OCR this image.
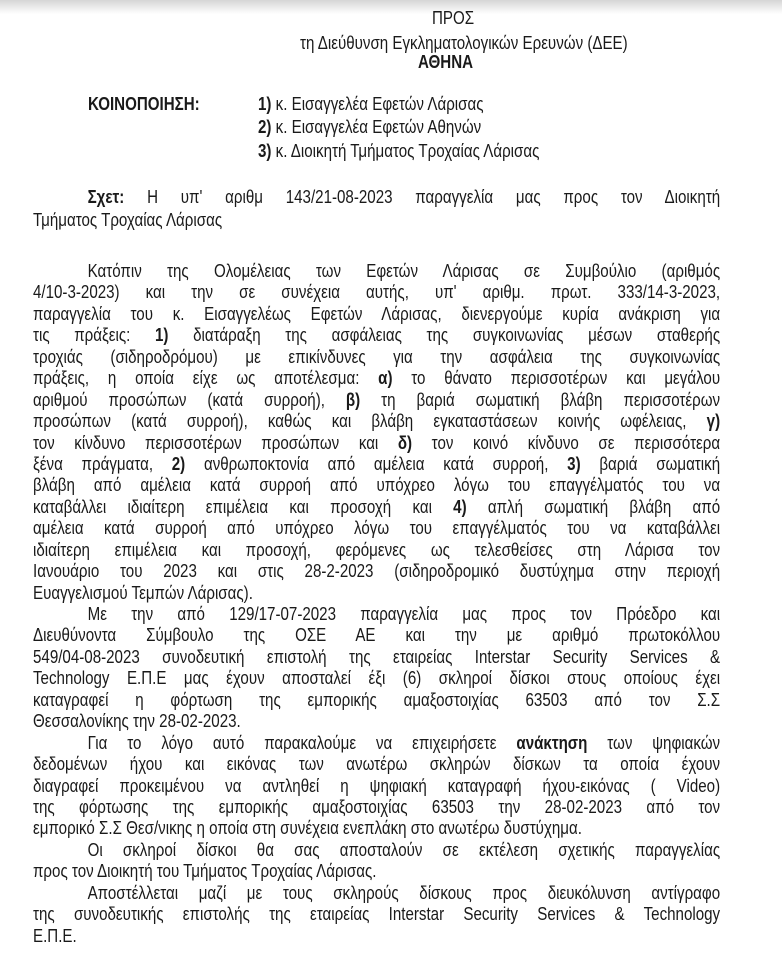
ΠΡΟΣ
τη Διεύθυνση Εγκληματολογικών Ερευνών (ΔΕΕ)
ΑΘΗΝΑ
ΚΟΙΝΟΠΟΙΗΣΗ:	1) κ. Εισαγγελέα Εφετών Λάρισας
2) κ. Εισαγγελέα Εφετών Αθηνών
3) κ. Διοικητή Τμήματος Τροχαίας Λάρισας
Σχετ: Η υπ' αριθμ 143/21-08-2023 παραγγελία μας προς τον Διοικητή
Τμήματος Τροχαίας Λάρισας
Κατόπιν της Ολομέλειας των Εφετών Λάρισας σε Συμβούλιο (αριθμός
4/10-3-2023) και την σε συνέχεια αυτής, υπ' αριθμ. πρωτ. 333/14-3-2023,
παραγγελία του κ. Εισαγγελέως Εφετών Λάρισας, διενεργούμε κυρία ανάκριση για
τις πράξεις: 1) διατάραξη της ασφάλειας της συγκοινωνίας μέσων σταθερής
τροχιάς (σιδηροδρόμου) με επικίνδυνες για την ασφάλεια της συγκοινωνίας
πράξεις, η οποία είχε ως αποτέλεσμα: α) το θάνατο περισσοτέρων και μεγάλου
αριθμού προσώπων (κατά συρροή), β) τη βαριά σωματική βλάβη περισσοτέρων
προσώπων (κατά συρροή), καθώς και βλάβη εγκαταστάσεων κοινής ωφέλειας, γ)
τον κίνδυνο περισσοτέρων προσώπων και δ) τον κοινό κίνδυνο σε περισσότερα
ξένα πράγματα, 2) ανθρωποκτονία από αμέλεια κατά συρροή, 3) βαριά σωματική
βλάβη από αμέλεια κατά συρροή από υπόχρεο λόγω του επαγγέλματός του να
καταβάλλει ιδιαίτερη επιμέλεια και προσοχή και 4) απλή σωματική βλάβη από
αμέλεια κατά συρροή από υπόχρεο λόγω του επαγγέλματός του να καταβάλλει
ιδιαίτερη επιμέλεια και προσοχή, φερόμενες ως τελεσθείσες στη Λάρισα τον
Ιανουάριο του 2023 και στις 28-2-2023 (σιδηροδρομικό δυστύχημα στην περιοχή
Ευαγγελισμού Τεμπών Λάρισας).
Με την από 129/17-07-2023 παραγγελία μας προς τον Πρόεδρο και
Διευθύνοντα Σύμβουλο της ΟΣΕ ΑΕ και την με αριθμό πρωτοκόλλου
549/04-08-2023 συνοδευτική επιστολή της εταιρείας Interstar Security Services &
Technology Ε.Π.Ε μας έχουν αποσταλεί έξι (6) σκληροί δίσκοι στους οποίους έχει
καταγραφεί η φόρτωση της εμπορικής αμαξοστοιχίας 63503 από τον Σ.Σ
Θεσσαλονίκης την 28-02-2023.
Για το λόγο αυτό παρακαλούμε να επιχειρήσετε ανάκτηση των ψηφιακών
δεδομένων ήχου και εικόνας των ανωτέρω σκληρών δίσκων τα οποία έχουν
διαγραφεί προκειμένου να αντληθεί η ψηφιακή καταγραφή ήχου-εικόνας ( Video)
της φόρτωσης της εμπορικής αμαξοστοιχίας 63503 την 28-02-2023 από τον
εμπορικό Σ.Σ Θεσ/νικης η οποία στη συνέχεια ενεπλάκη στο ανωτέρω δυστύχημα.
Οι σκληροί δίσκοι θα σας αποσταλούν σε εκτέλεση σχετικής παραγγελίας
προς τον Διοικητή του Τμήματος Τροχαίας Λάρισας.
Αποστέλλεται μαζί με τους σκληρούς δίσκους προς διευκόλυνση αντίγραφο
της συνοδευτικής επιστολής της εταιρείας Interstar Security Services & Technology
Ε.Π.Ε.
